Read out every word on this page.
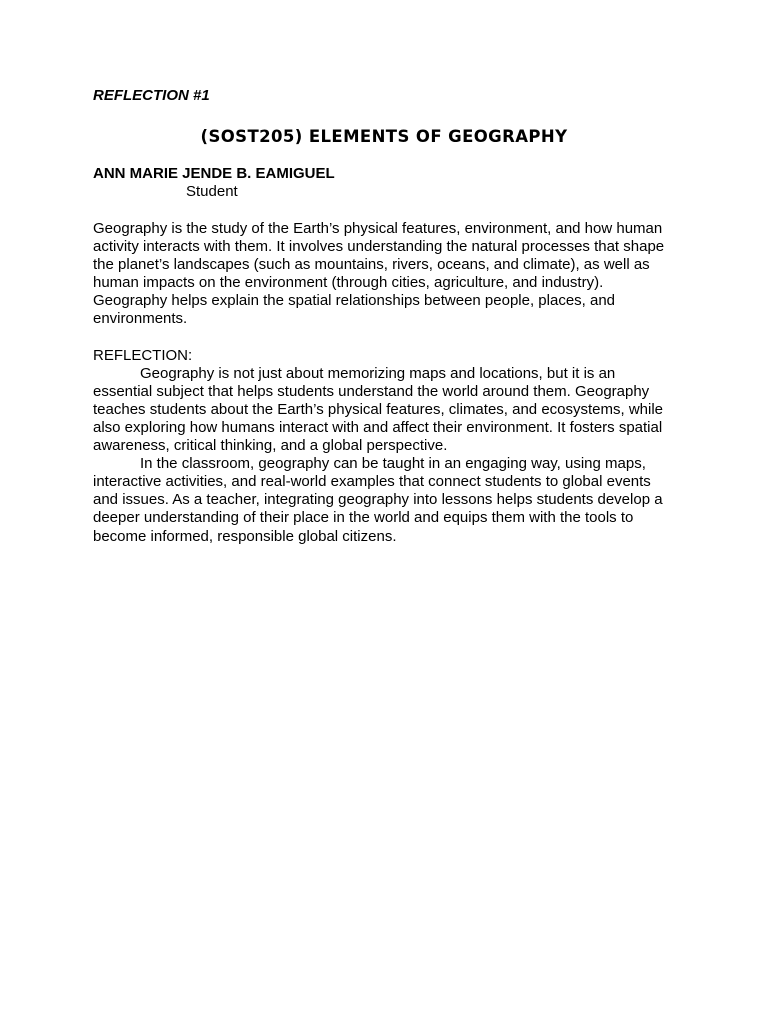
REFLECTION #1

(SOST205) ELEMENTS OF GEOGRAPHY

ANN MARIE JENDE B. EAMIGUEL

Student

Geography is the study of the Earth’s physical features, environment, and how human activity interacts with them. It involves understanding the natural processes that shape the planet’s landscapes (such as mountains, rivers, oceans, and climate), as well as human impacts on the environment (through cities, agriculture, and industry). Geography helps explain the spatial relationships between people, places, and environments.

REFLECTION:

Geography is not just about memorizing maps and locations, but it is an essential subject that helps students understand the world around them. Geography teaches students about the Earth’s physical features, climates, and ecosystems, while also exploring how humans interact with and affect their environment. It fosters spatial awareness, critical thinking, and a global perspective.

In the classroom, geography can be taught in an engaging way, using maps, interactive activities, and real-world examples that connect students to global events and issues. As a teacher, integrating geography into lessons helps students develop a deeper understanding of their place in the world and equips them with the tools to become informed, responsible global citizens.
